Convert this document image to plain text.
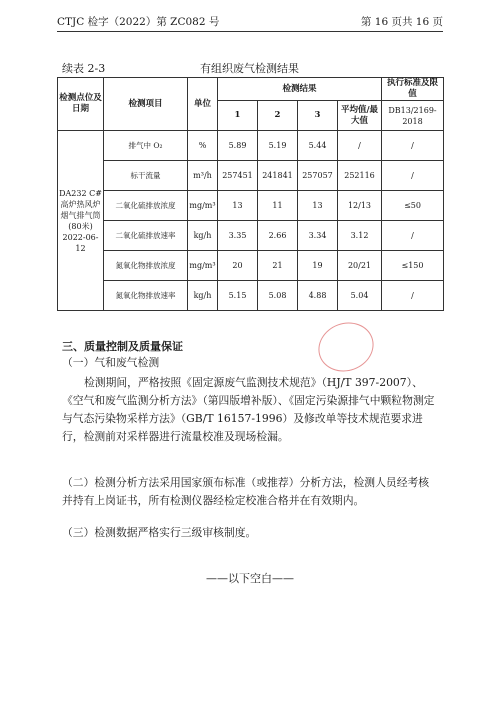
CTJC 检字（2022）第 ZC082 号	第 16 页共 16 页
续表 2-3	有组织废气检测结果
检测点位及日期	检测项目	单位	检测结果				执行标准及限值
			1	2	3	平均值/最大值	DB13/2169-2018
DA232 C#高炉热风炉烟气排气筒(80米) 2022-06-12	排气中 O₂	%	5.89	5.19	5.44	/	/
	标干流量	m³/h	257451	241841	257057	252116	/
	二氧化硫排放浓度	mg/m³	13	11	13	12/13	≤50
	二氧化硫排放速率	kg/h	3.35	2.66	3.34	3.12	/
	氮氧化物排放浓度	mg/m³	20	21	19	20/21	≤150
	氮氧化物排放速率	kg/h	5.15	5.08	4.88	5.04	/
三、质量控制及质量保证
（一）气和废气检测
检测期间，严格按照《固定源废气监测技术规范》（HJ/T 397-2007）、《空气和废气监测分析方法》（第四版增补版）、《固定污染源排气中颗粒物测定与气态污染物采样方法》（GB/T 16157-1996）及修改单等技术规范要求进行，检测前对采样器进行流量校准及现场检漏。
（二）检测分析方法采用国家颁布标准（或推荐）分析方法，检测人员经考核并持有上岗证书，所有检测仪器经检定校准合格并在有效期内。
（三）检测数据严格实行三级审核制度。
——以下空白——
